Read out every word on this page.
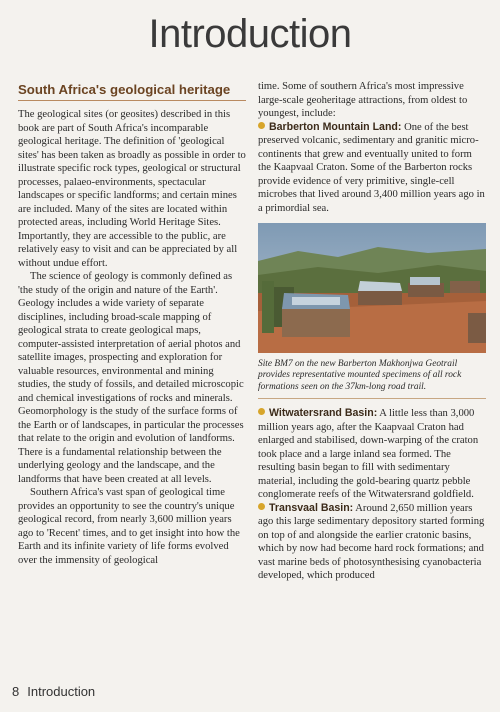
Introduction
South Africa's geological heritage

The geological sites (or geosites) described in this book are part of South Africa's incomparable geological heritage. The definition of 'geological sites' has been taken as broadly as possible in order to illustrate specific rock types, geological or structural processes, palaeo-environments, spectacular landscapes or specific landforms; and certain mines are included. Many of the sites are located within protected areas, including World Heritage Sites. Importantly, they are accessible to the public, are relatively easy to visit and can be appreciated by all without undue effort.

The science of geology is commonly defined as 'the study of the origin and nature of the Earth'. Geology includes a wide variety of separate disciplines, including broad-scale mapping of geological strata to create geological maps, computer-assisted interpretation of aerial photos and satellite images, prospecting and exploration for valuable resources, environmental and mining studies, the study of fossils, and detailed microscopic and chemical investigations of rocks and minerals. Geomorphology is the study of the surface forms of the Earth or of landscapes, in particular the processes that relate to the origin and evolution of landforms. There is a fundamental relationship between the underlying geology and the landscape, and the landforms that have been created at all levels.

Southern Africa's vast span of geological time provides an opportunity to see the country's unique geological record, from nearly 3,600 million years ago to 'Recent' times, and to get insight into how the Earth and its infinite variety of life forms evolved over the immensity of geological

time. Some of southern Africa's most impressive large-scale geoheritage attractions, from oldest to youngest, include:

Barberton Mountain Land: One of the best preserved volcanic, sedimentary and granitic micro-continents that grew and eventually united to form the Kaapvaal Craton. Some of the Barberton rocks provide evidence of very primitive, single-cell microbes that lived around 3,400 million years ago in a primordial sea.

Site BM7 on the new Barberton Makhonjwa Geotrail provides representative mounted specimens of all rock formations seen on the 37km-long road trail.

Witwatersrand Basin: A little less than 3,000 million years ago, after the Kaapvaal Craton had enlarged and stabilised, down-warping of the craton took place and a large inland sea formed. The resulting basin began to fill with sedimentary material, including the gold-bearing quartz pebble conglomerate reefs of the Witwatersrand goldfield.

Transvaal Basin: Around 2,650 million years ago this large sedimentary depository started forming on top of and alongside the earlier cratonic basins, which by now had become hard rock formations; and vast marine beds of photosynthesising cyanobacteria developed, which produced

8 Introduction
